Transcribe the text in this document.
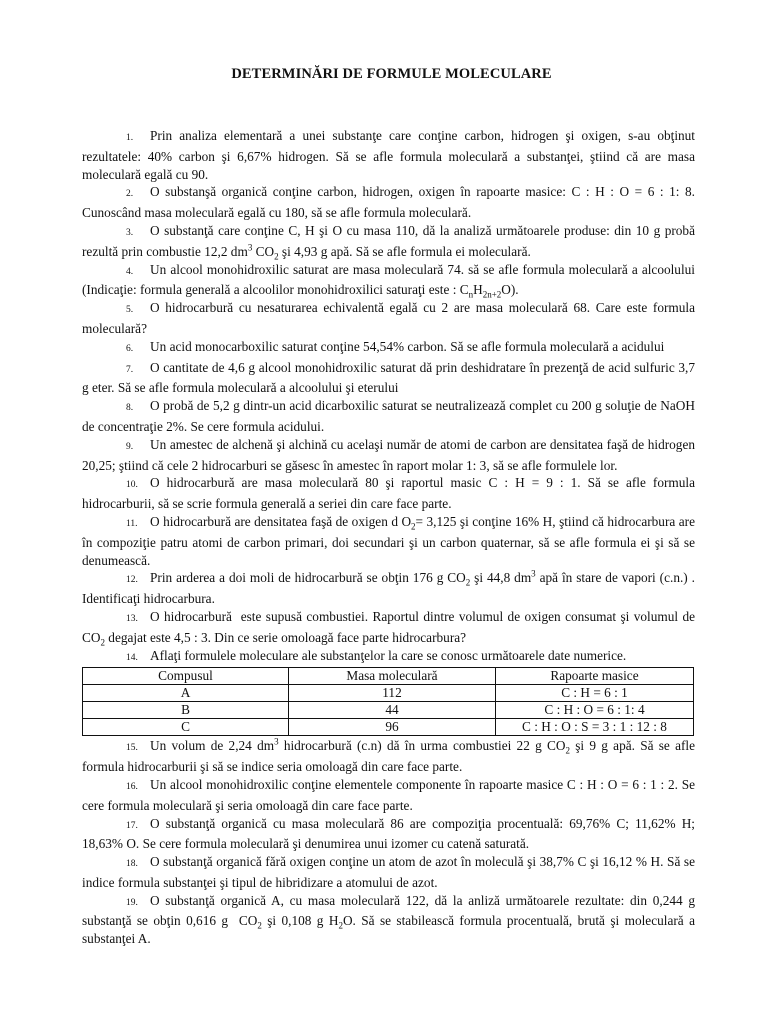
DETERMINĂRI DE FORMULE MOLECULARE

1. Prin analiza elementară a unei substanţe care conţine carbon, hidrogen şi oxigen, s-au obţinut rezultatele: 40% carbon şi 6,67% hidrogen. Să se afle formula moleculară a substanţei, ştiind că are masa moleculară egală cu 90.

2. O substanşă organică conţine carbon, hidrogen, oxigen în rapoarte masice: C : H : O = 6 : 1: 8. Cunoscând masa moleculară egală cu 180, să se afle formula moleculară.

3. O substanţă care conţine C, H şi O cu masa 110, dă la analiză următoarele produse: din 10 g probă rezultă prin combustie 12,2 $dm^3$ $CO_2$ şi 4,93 g apă. Să se afle formula ei moleculară.

4. Un alcool monohidroxilic saturat are masa moleculară 74. să se afle formula moleculară a alcoolului (Indicaţie: formula generală a alcoolilor monohidroxilici saturaţi este : $C_nH_{2n+2}O$).

5. O hidrocarbură cu nesaturarea echivalentă egală cu 2 are masa moleculară 68. Care este formula moleculară?

6. Un acid monocarboxilic saturat conţine 54,54% carbon. Să se afle formula moleculară a acidului

7. O cantitate de 4,6 g alcool monohidroxilic saturat dă prin deshidratare în prezenţă de acid sulfuric 3,7 g eter. Să se afle formula moleculară a alcoolului şi eterului

8. O probă de 5,2 g dintr-un acid dicarboxilic saturat se neutralizează complet cu 200 g soluţie de NaOH de concentraţie 2%. Se cere formula acidului.

9. Un amestec de alchenă şi alchină cu acelaşi număr de atomi de carbon are densitatea faşă de hidrogen 20,25; ştiind că cele 2 hidrocarburi se găsesc în amestec în raport molar 1: 3, să se afle formulele lor.

10. O hidrocarbură are masa moleculară 80 şi raportul masic C : H = 9 : 1. Să se afle formula hidrocarburii, să se scrie formula generală a seriei din care face parte.

11. O hidrocarbură are densitatea faşă de oxigen d $O_2= 3,125$ şi conţine 16% H, ştiind că hidrocarbura are în compoziţie patru atomi de carbon primari, doi secundari şi un carbon quaternar, să se afle formula ei şi să se denumească.

12. Prin arderea a doi moli de hidrocarbură se obţin 176 g $CO_2$ şi 44,8 $dm^3$ apă în stare de vapori (c.n.) . Identificaţi hidrocarbura.

13. O hidrocarbură  este supusă combustiei. Raportul dintre volumul de oxigen consumat şi volumul de $CO_2$ degajat este 4,5 : 3. Din ce serie omoloagă face parte hidrocarbura?

14. Aflaţi formulele moleculare ale substanţelor la care se conosc următoarele date numerice.

Compusul	Masa moleculară	Rapoarte masice
A	112	C : H = 6 : 1
B	44	C : H : O = 6 : 1: 4
C	96	C : H : O : S = 3 : 1 : 12 : 8

15. Un volum de 2,24 $dm^3$ hidrocarbură (c.n) dă în urma combustiei 22 g $CO_2$ şi 9 g apă. Să se afle formula hidrocarburii şi să se indice seria omoloagă din care face parte.

16. Un alcool monohidroxilic conţine elementele componente în rapoarte masice C : H : O = 6 : 1 : 2. Se cere formula moleculară şi seria omoloagă din care face parte.

17. O substanţă organică cu masa moleculară 86 are compoziţia procentuală: 69,76% C; 11,62% H; 18,63% O. Se cere formula moleculară şi denumirea unui izomer cu catenă saturată.

18. O substanţă organică fără oxigen conţine un atom de azot în moleculă şi 38,7% C şi 16,12 % H. Să se indice formula substanţei şi tipul de hibridizare a atomului de azot.

19. O substanţă organică A, cu masa moleculară 122, dă la anliză următoarele rezultate: din 0,244 g substanţă se obţin 0,616 g  $CO_2$ şi 0,108 g $H_2O$. Să se stabilească formula procentuală, brută şi moleculară a substanţei A.
